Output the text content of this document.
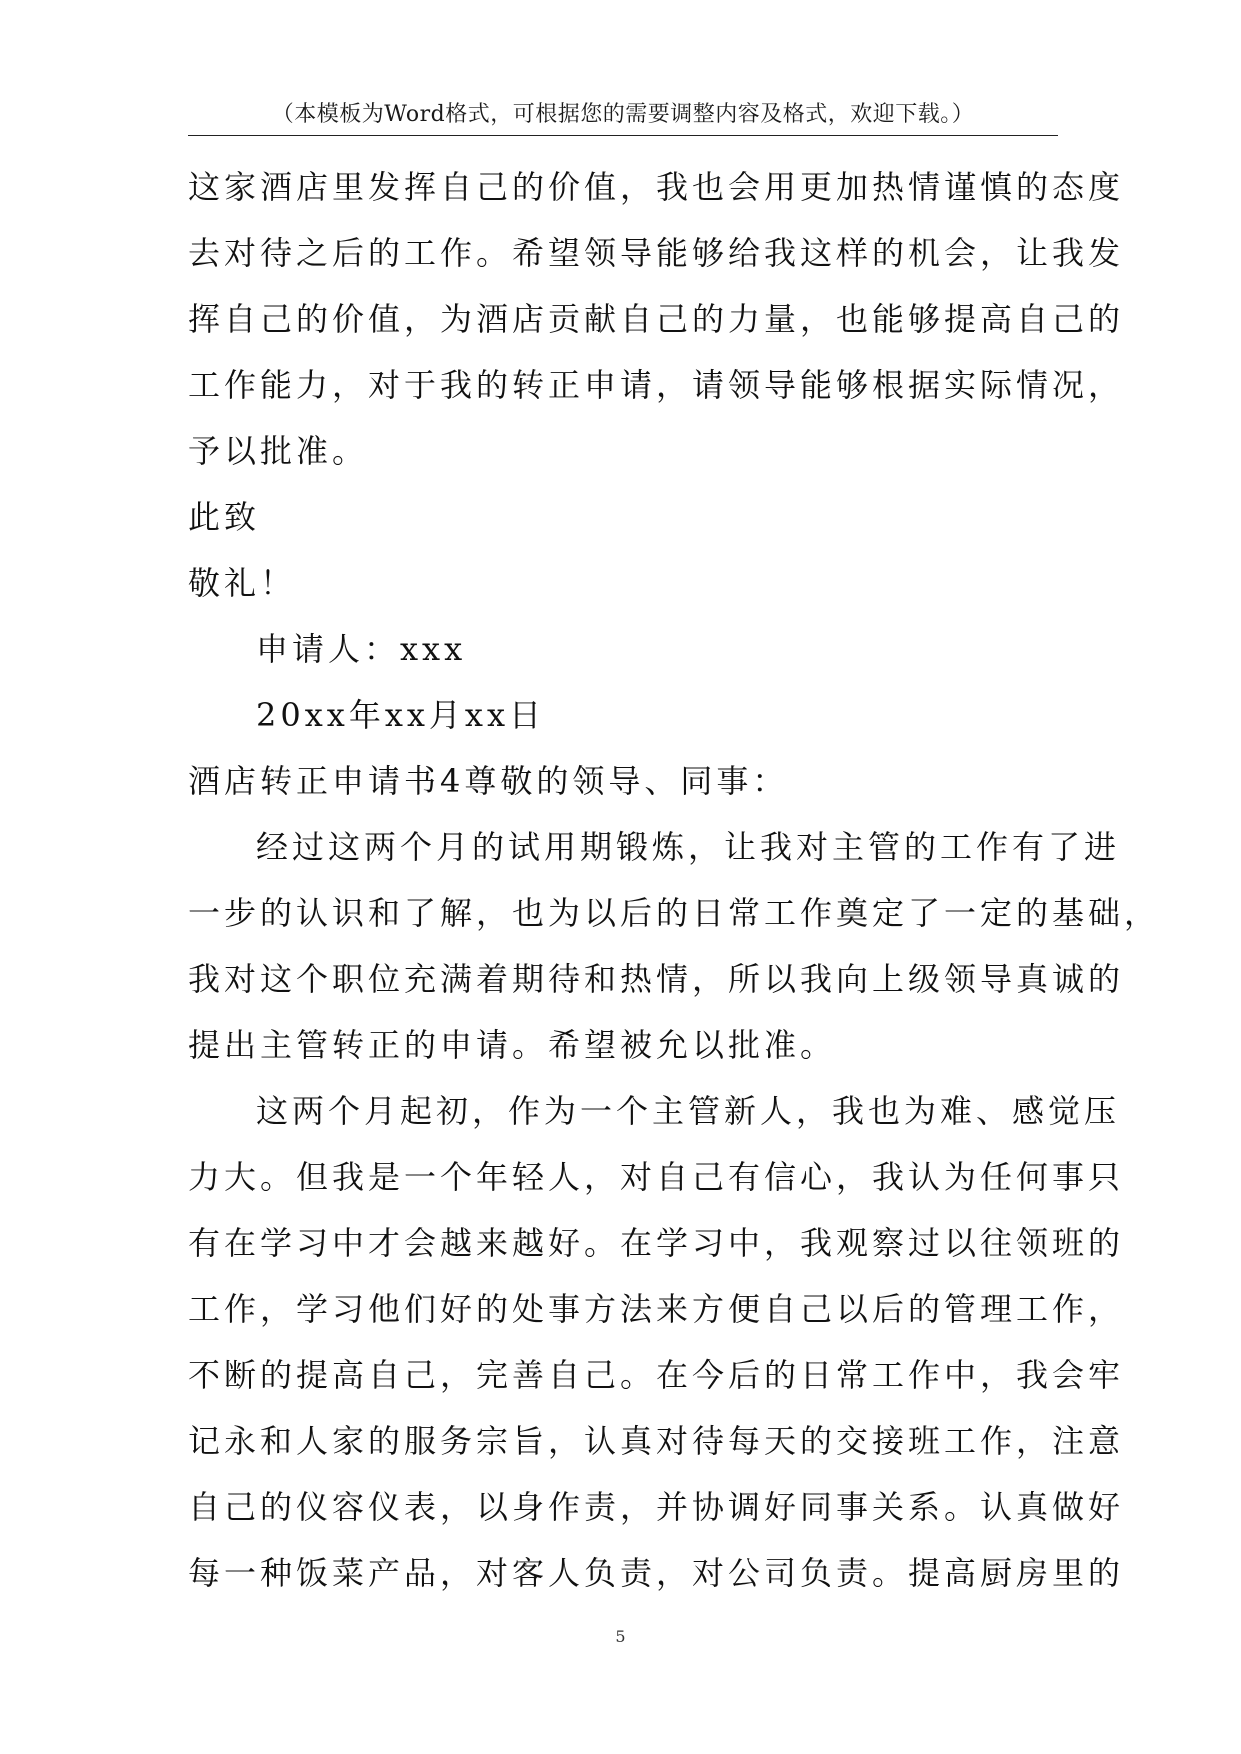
（本模板为Word格式，可根据您的需要调整内容及格式，欢迎下载。）
这家酒店里发挥自己的价值，我也会用更加热情谨慎的态度
去对待之后的工作。希望领导能够给我这样的机会，让我发
挥自己的价值，为酒店贡献自己的力量，也能够提高自己的
工作能力，对于我的转正申请，请领导能够根据实际情况，
予以批准。
此致
敬礼！
申请人：xxx
20xx年xx月xx日
酒店转正申请书4尊敬的领导、同事：
经过这两个月的试用期锻炼，让我对主管的工作有了进
一步的认识和了解，也为以后的日常工作奠定了一定的基础，
我对这个职位充满着期待和热情，所以我向上级领导真诚的
提出主管转正的申请。希望被允以批准。
这两个月起初，作为一个主管新人，我也为难、感觉压
力大。但我是一个年轻人，对自己有信心，我认为任何事只
有在学习中才会越来越好。在学习中，我观察过以往领班的
工作，学习他们好的处事方法来方便自己以后的管理工作，
不断的提高自己，完善自己。在今后的日常工作中，我会牢
记永和人家的服务宗旨，认真对待每天的交接班工作，注意
自己的仪容仪表，以身作责，并协调好同事关系。认真做好
每一种饭菜产品，对客人负责，对公司负责。提高厨房里的
5
